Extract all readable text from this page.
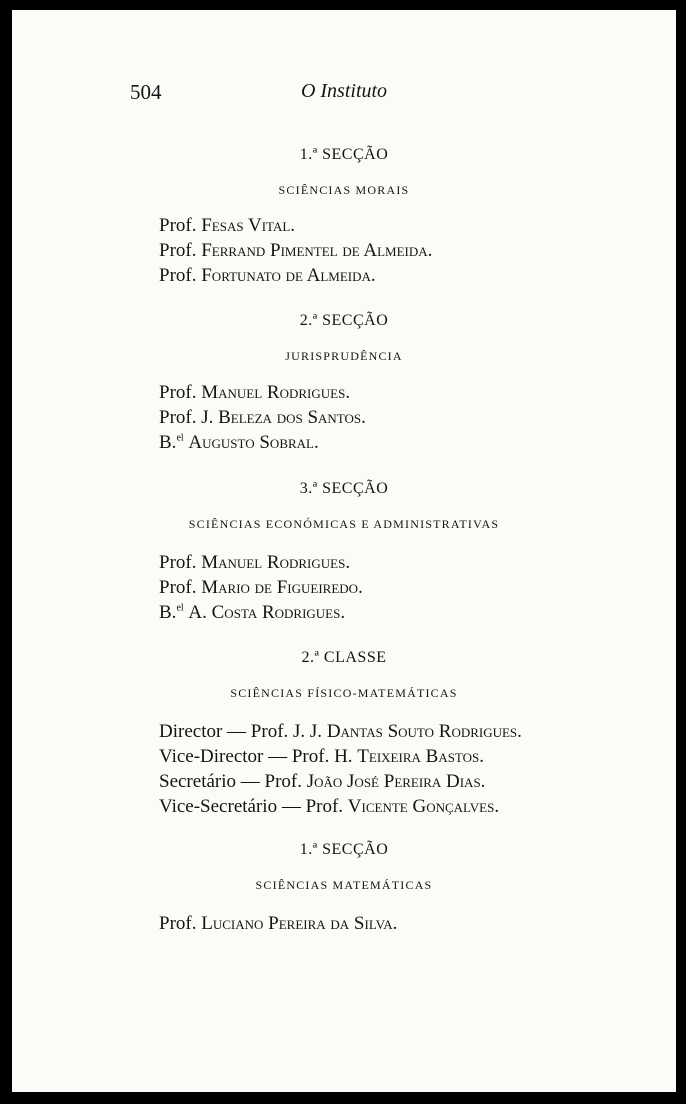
504	O Instituto
1.ª SECÇÃO
SCIÊNCIAS MORAIS
Prof. Fesas Vital.
Prof. Ferrand Pimentel de Almeida.
Prof. Fortunato de Almeida.
2.ª SECÇÃO
JURISPRUDÊNCIA
Prof. Manuel Rodrigues.
Prof. J. Beleza dos Santos.
B.$^{el}$ Augusto Sobral.
3.ª SECÇÃO
SCIÊNCIAS ECONÓMICAS E ADMINISTRATIVAS
Prof. Manuel Rodrigues.
Prof. Mario de Figueiredo.
B.$^{el}$ A. Costa Rodrigues.
2.ª CLASSE
SCIÊNCIAS FÍSICO-MATEMÁTICAS
Director — Prof. J. J. Dantas Souto Rodrigues.
Vice-Director — Prof. H. Teixeira Bastos.
Secretário — Prof. João José Pereira Dias.
Vice-Secretário — Prof. Vicente Gonçalves.
1.ª SECÇÃO
SCIÊNCIAS MATEMÁTICAS
Prof. Luciano Pereira da Silva.
